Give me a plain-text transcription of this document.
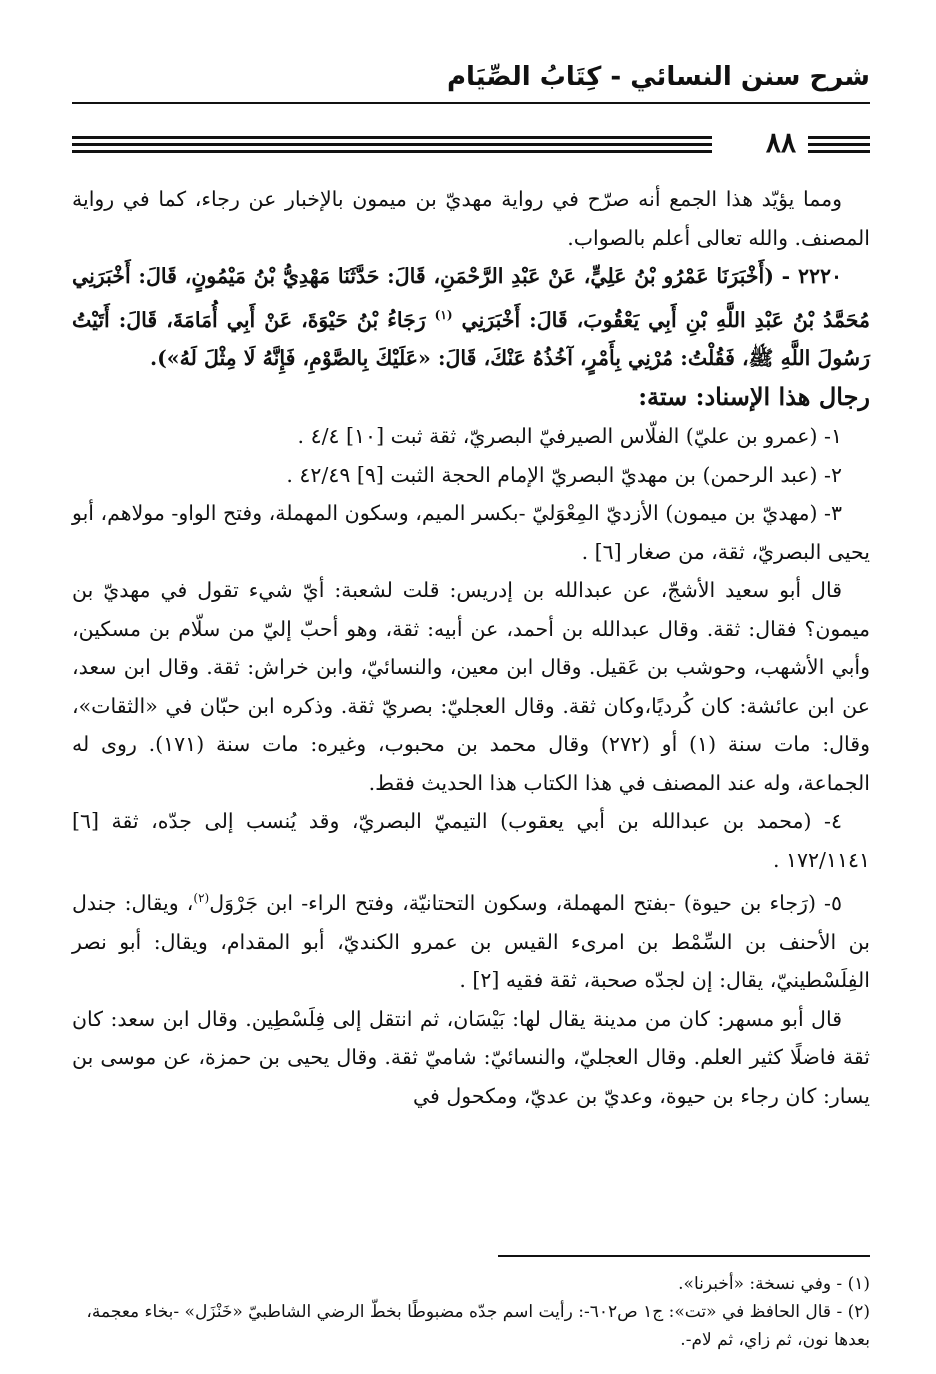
شرح سنن النسائي - كِتَابُ الصِّيَام
٨٨

ومما يؤيّد هذا الجمع أنه صرّح في رواية مهديّ بن ميمون بالإخبار عن رجاء، كما في رواية المصنف. والله تعالى أعلم بالصواب.

٢٢٢٠ - (أَخْبَرَنَا عَمْرُو بْنُ عَلِيٍّ، عَنْ عَبْدِ الرَّحْمَنِ، قَالَ: حَدَّثَنَا مَهْدِيُّ بْنُ مَيْمُونٍ، قَالَ: أَخْبَرَنِي مُحَمَّدُ بْنُ عَبْدِ اللَّهِ بْنِ أَبِي يَعْقُوبَ، قَالَ: أَخْبَرَنِي $^{(١)}$ رَجَاءُ بْنُ حَيْوَةَ، عَنْ أَبِي أُمَامَةَ، قَالَ: أَتَيْتُ رَسُولَ اللَّهِ ﷺ، فَقُلْتُ: مُرْنِي بِأَمْرٍ، آخُذُهُ عَنْكَ، قَالَ: «عَلَيْكَ بِالصَّوْمِ، فَإِنَّهُ لَا مِثْلَ لَهُ»).

رجال هذا الإسناد: ستة:

١- (عمرو بن عليّ) الفلّاس الصيرفيّ البصريّ، ثقة ثبت [١٠] ٤/٤ .

٢- (عبد الرحمن) بن مهديّ البصريّ الإمام الحجة الثبت [٩] ٤٢/٤٩ .

٣- (مهديّ بن ميمون) الأزديّ المِعْوَليّ -بكسر الميم، وسكون المهملة، وفتح الواو- مولاهم، أبو يحيى البصريّ، ثقة، من صغار [٦] .

قال أبو سعيد الأشجّ، عن عبدالله بن إدريس: قلت لشعبة: أيّ شيء تقول في مهديّ بن ميمون؟ فقال: ثقة. وقال عبدالله بن أحمد، عن أبيه: ثقة، وهو أحبّ إليّ من سلّام بن مسكين، وأبي الأشهب، وحوشب بن عَقيل. وقال ابن معين، والنسائيّ، وابن خراش: ثقة. وقال ابن سعد، عن ابن عائشة: كان كُرديًا،وكان ثقة. وقال العجليّ: بصريّ ثقة. وذكره ابن حبّان في «الثقات»، وقال: مات سنة (١) أو (٢٧٢) وقال محمد بن محبوب، وغيره: مات سنة (١٧١). روى له الجماعة، وله عند المصنف في هذا الكتاب هذا الحديث فقط.

٤- (محمد بن عبدالله بن أبي يعقوب) التيميّ البصريّ، وقد يُنسب إلى جدّه، ثقة [٦] ١٧٢/١١٤١ .

٥- (رَجاء بن حيوة) -بفتح المهملة، وسكون التحتانيّة، وفتح الراء- ابن جَرْوَل$^{(٢)}$، ويقال: جندل بن الأحنف بن السِّمْط بن امرىء القيس بن عمرو الكنديّ، أبو المقدام، ويقال: أبو نصر الفِلَسْطينيّ، يقال: إن لجدّه صحبة، ثقة فقيه [٢] .

قال أبو مسهر: كان من مدينة يقال لها: بَيْسَان، ثم انتقل إلى فِلَسْطِين. وقال ابن سعد: كان ثقة فاضلًا كثير العلم. وقال العجليّ، والنسائيّ: شاميّ ثقة. وقال يحيى بن حمزة، عن موسى بن يسار: كان رجاء بن حيوة، وعديّ بن عديّ، ومكحول في

(١) - وفي نسخة: «أخبرنا».

(٢) - قال الحافظ في «تت»: ج١ ص٦٠٢-: رأيت اسم جدّه مضبوطًا بخطّ الرضي الشاطبيّ «خَنْزَل» -بخاء معجمة، بعدها نون، ثم زاي، ثم لام-.
